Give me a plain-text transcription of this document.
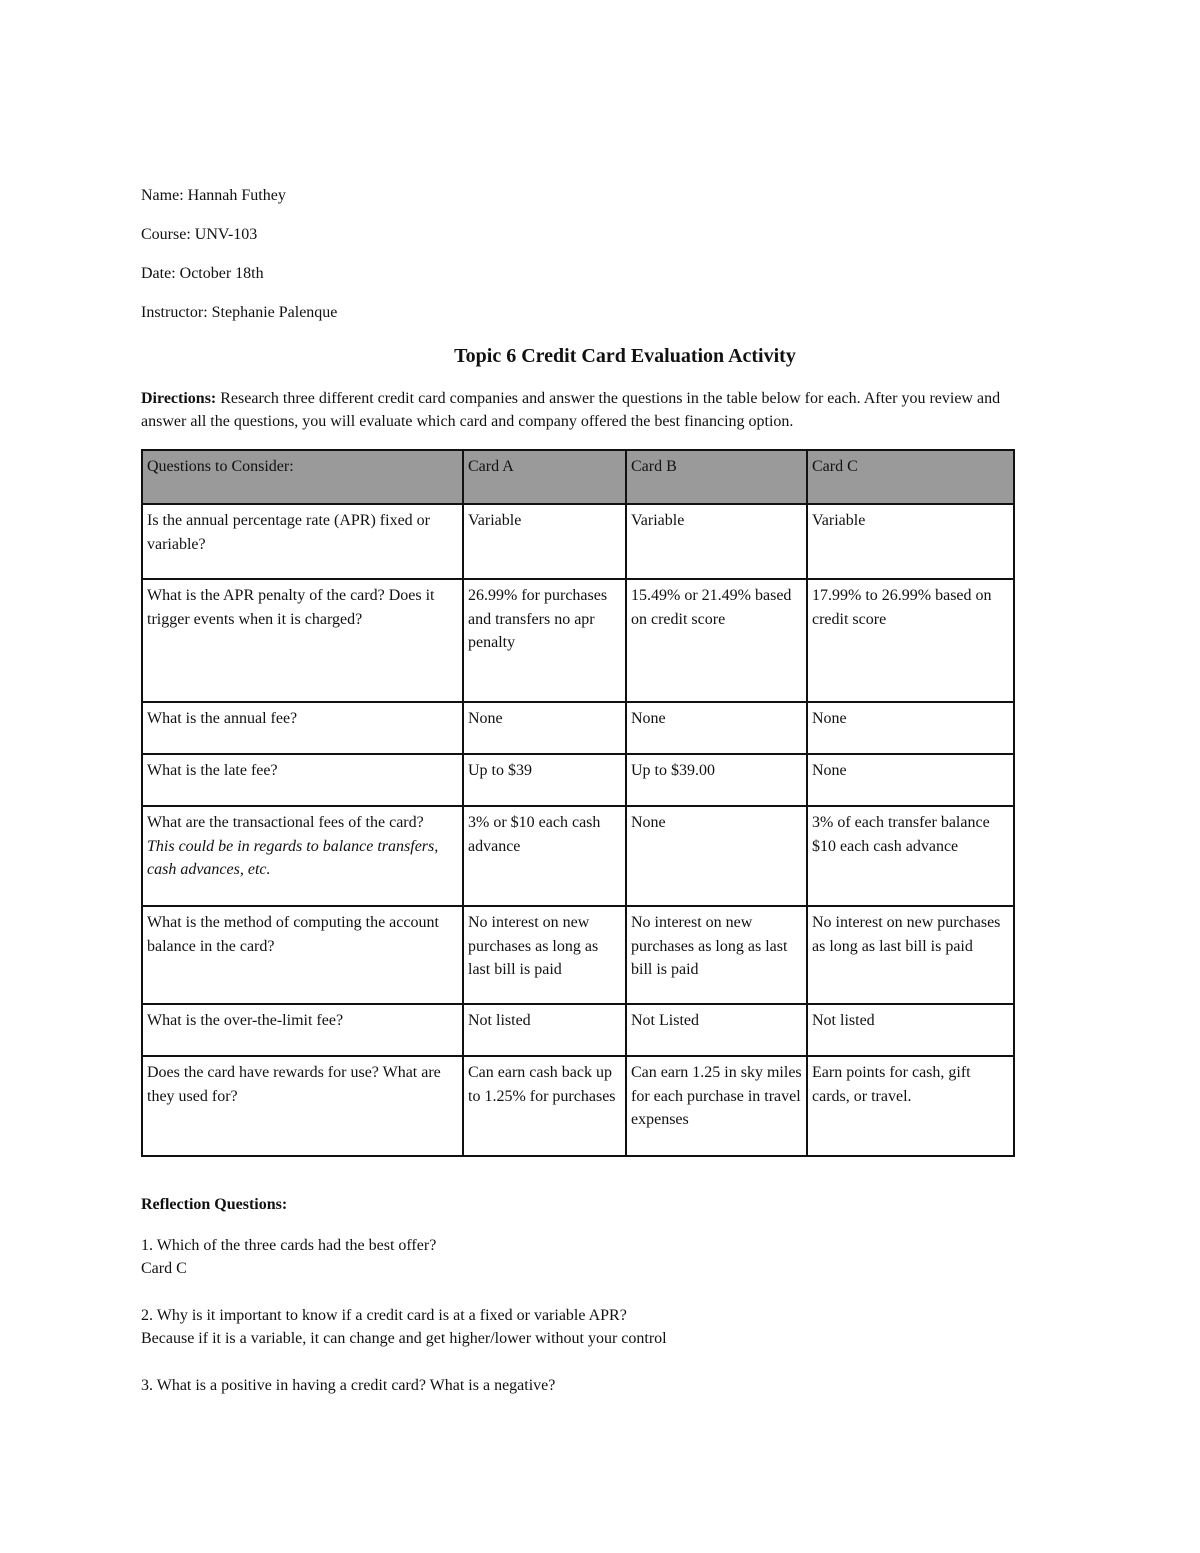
Name: Hannah Futhey
Course: UNV-103
Date: October 18th
Instructor: Stephanie Palenque
Topic 6 Credit Card Evaluation Activity
Directions: Research three different credit card companies and answer the questions in the table below for each. After you review and answer all the questions, you will evaluate which card and company offered the best financing option.
Questions to Consider:	Card A	Card B	Card C
Is the annual percentage rate (APR) fixed or variable?	Variable	Variable	Variable
What is the APR penalty of the card? Does it trigger events when it is charged?	26.99% for purchases and transfers no apr penalty	15.49% or 21.49% based on credit score	17.99% to 26.99% based on credit score
What is the annual fee?	None	None	None
What is the late fee?	Up to $39	Up to $39.00	None
What are the transactional fees of the card?
This could be in regards to balance transfers, cash advances, etc.	3% or $10 each cash advance	None	3% of each transfer balance $10 each cash advance
What is the method of computing the account balance in the card?	No interest on new purchases as long as last bill is paid	No interest on new purchases as long as last bill is paid	No interest on new purchases as long as last bill is paid
What is the over-the-limit fee?	Not listed	Not Listed	Not listed
Does the card have rewards for use? What are they used for?	Can earn cash back up to 1.25% for purchases	Can earn 1.25 in sky miles for each purchase in travel expenses	Earn points for cash, gift cards, or travel.
Reflection Questions:
1. Which of the three cards had the best offer?
Card C
2. Why is it important to know if a credit card is at a fixed or variable APR?
Because if it is a variable, it can change and get higher/lower without your control
3. What is a positive in having a credit card? What is a negative?
